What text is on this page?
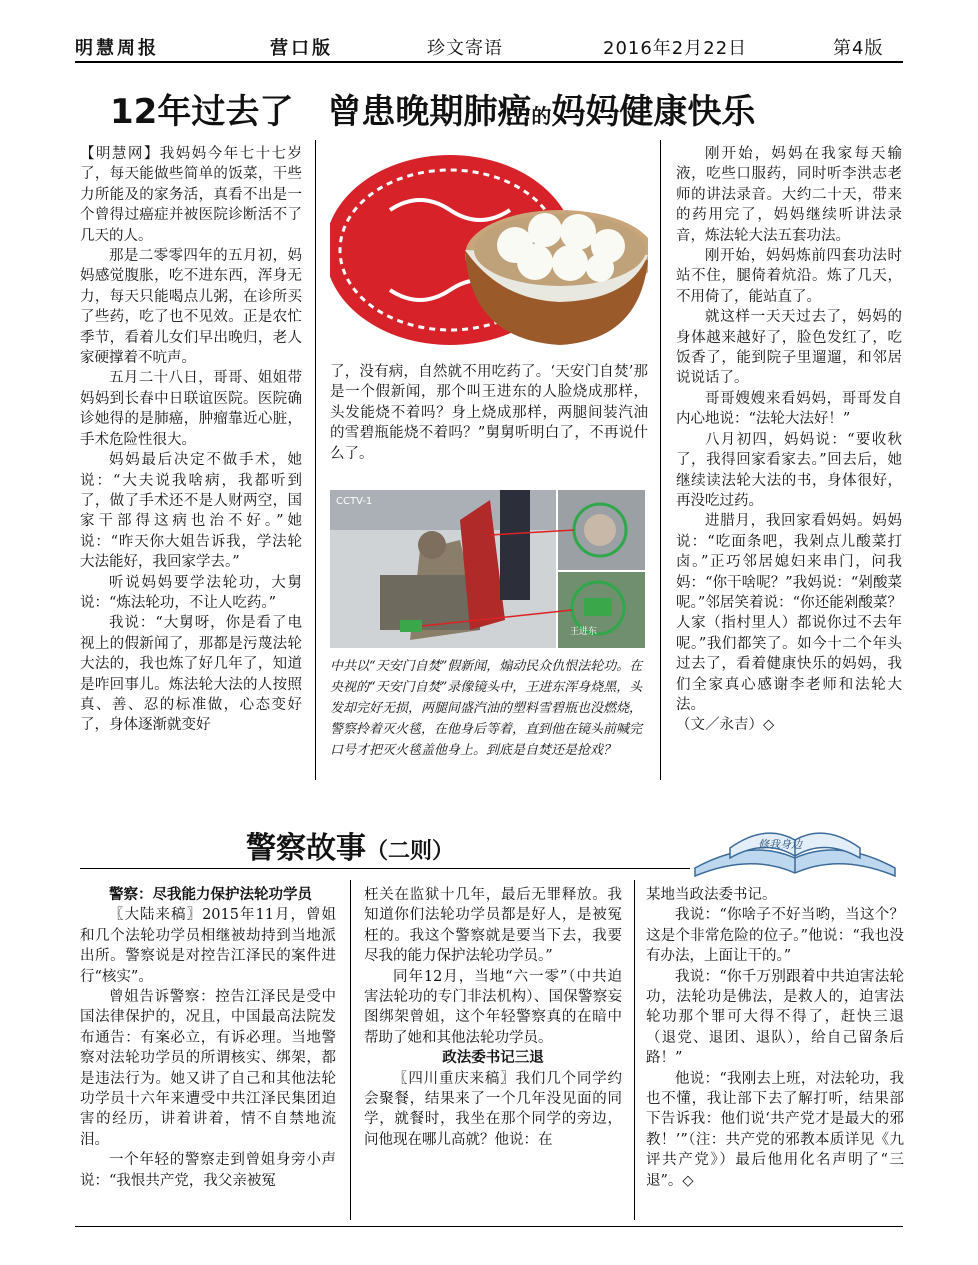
明慧周报	营口版	珍文寄语	2016年2月22日	第4版
12年过去了　曾患晚期肺癌的妈妈健康快乐

【明慧网】我妈妈今年七十七岁了，每天能做些简单的饭菜，干些力所能及的家务活，真看不出是一个曾得过癌症并被医院诊断活不了几天的人。

那是二零零四年的五月初，妈妈感觉腹胀，吃不进东西，浑身无力，每天只能喝点儿粥，在诊所买了些药，吃了也不见效。正是农忙季节，看着儿女们早出晚归，老人家硬撑着不吭声。

五月二十八日，哥哥、姐姐带妈妈到长春中日联谊医院。医院确诊她得的是肺癌，肿瘤靠近心脏，手术危险性很大。

妈妈最后决定不做手术，她说：“大夫说我啥病，我都听到了，做了手术还不是人财两空，国家干部得这病也治不好。”她说：“昨天你大姐告诉我，学法轮大法能好，我回家学去。”

听说妈妈要学法轮功，大舅说：“炼法轮功，不让人吃药。”

我说：“大舅呀，你是看了电视上的假新闻了，那都是污蔑法轮大法的，我也炼了好几年了，知道是咋回事儿。炼法轮大法的人按照真、善、忍的标准做，心态变好了，身体逐渐就变好

了，没有病，自然就不用吃药了。‘天安门自焚’那是一个假新闻，那个叫王进东的人脸烧成那样，头发能烧不着吗？身上烧成那样，两腿间装汽油的雪碧瓶能烧不着吗？”舅舅听明白了，不再说什么了。

CCTV-1
王进东
中共以“天安门自焚”假新闻，煽动民众仇恨法轮功。在央视的“天安门自焚”录像镜头中，王进东浑身烧黑，头发却完好无损，两腿间盛汽油的塑料雪碧瓶也没燃烧，警察拎着灭火毯，在他身后等着，直到他在镜头前喊完口号才把灭火毯盖他身上。到底是自焚还是抢戏？

刚开始，妈妈在我家每天输液，吃些口服药，同时听李洪志老师的讲法录音。大约二十天，带来的药用完了，妈妈继续听讲法录音，炼法轮大法五套功法。

刚开始，妈妈炼前四套功法时站不住，腿倚着炕沿。炼了几天，不用倚了，能站直了。

就这样一天天过去了，妈妈的身体越来越好了，脸色发红了，吃饭香了，能到院子里遛遛，和邻居说说话了。

哥哥嫂嫂来看妈妈，哥哥发自内心地说：“法轮大法好！”

八月初四，妈妈说：“要收秋了，我得回家看家去。”回去后，她继续读法轮大法的书，身体很好，再没吃过药。

进腊月，我回家看妈妈。妈妈说：“吃面条吧，我剁点儿酸菜打卤。”正巧邻居媳妇来串门，问我妈：“你干啥呢？”我妈说：“剁酸菜呢。”邻居笑着说：“你还能剁酸菜？人家（指村里人）都说你过不去年呢。”我们都笑了。如今十二个年头过去了，看着健康快乐的妈妈，我们全家真心感谢李老师和法轮大法。

（文／永吉）◇

警察故事（二则）	修我身边

警察：尽我能力保护法轮功学员

〖大陆来稿〗2015年11月，曾姐和几个法轮功学员相继被劫持到当地派出所。警察说是对控告江泽民的案件进行“核实”。

曾姐告诉警察：控告江泽民是受中国法律保护的，况且，中国最高法院发布通告：有案必立，有诉必理。当地警察对法轮功学员的所谓核实、绑架，都是违法行为。她又讲了自己和其他法轮功学员十六年来遭受中共江泽民集团迫害的经历，讲着讲着，情不自禁地流泪。

一个年轻的警察走到曾姐身旁小声说：“我恨共产党，我父亲被冤

枉关在监狱十几年，最后无罪释放。我知道你们法轮功学员都是好人，是被冤枉的。我这个警察就是要当下去，我要尽我的能力保护法轮功学员。”

同年12月，当地“六一零”（中共迫害法轮功的专门非法机构）、国保警察妄图绑架曾姐，这个年轻警察真的在暗中帮助了她和其他法轮功学员。

政法委书记三退

〖四川重庆来稿〗我们几个同学约会聚餐，结果来了一个几年没见面的同学，就餐时，我坐在那个同学的旁边，问他现在哪儿高就？他说：在

某地当政法委书记。

我说：“你啥子不好当哟，当这个？这是个非常危险的位子。”他说：“我也没有办法，上面让干的。”

我说：“你千万别跟着中共迫害法轮功，法轮功是佛法，是救人的，迫害法轮功那个罪可大得不得了，赶快三退（退党、退团、退队），给自己留条后路！”

他说：“我刚去上班，对法轮功，我也不懂，我让部下去了解打听，结果部下告诉我：他们说‘共产党才是最大的邪教！’”（注：共产党的邪教本质详见《九评共产党》）最后他用化名声明了“三退”。◇
